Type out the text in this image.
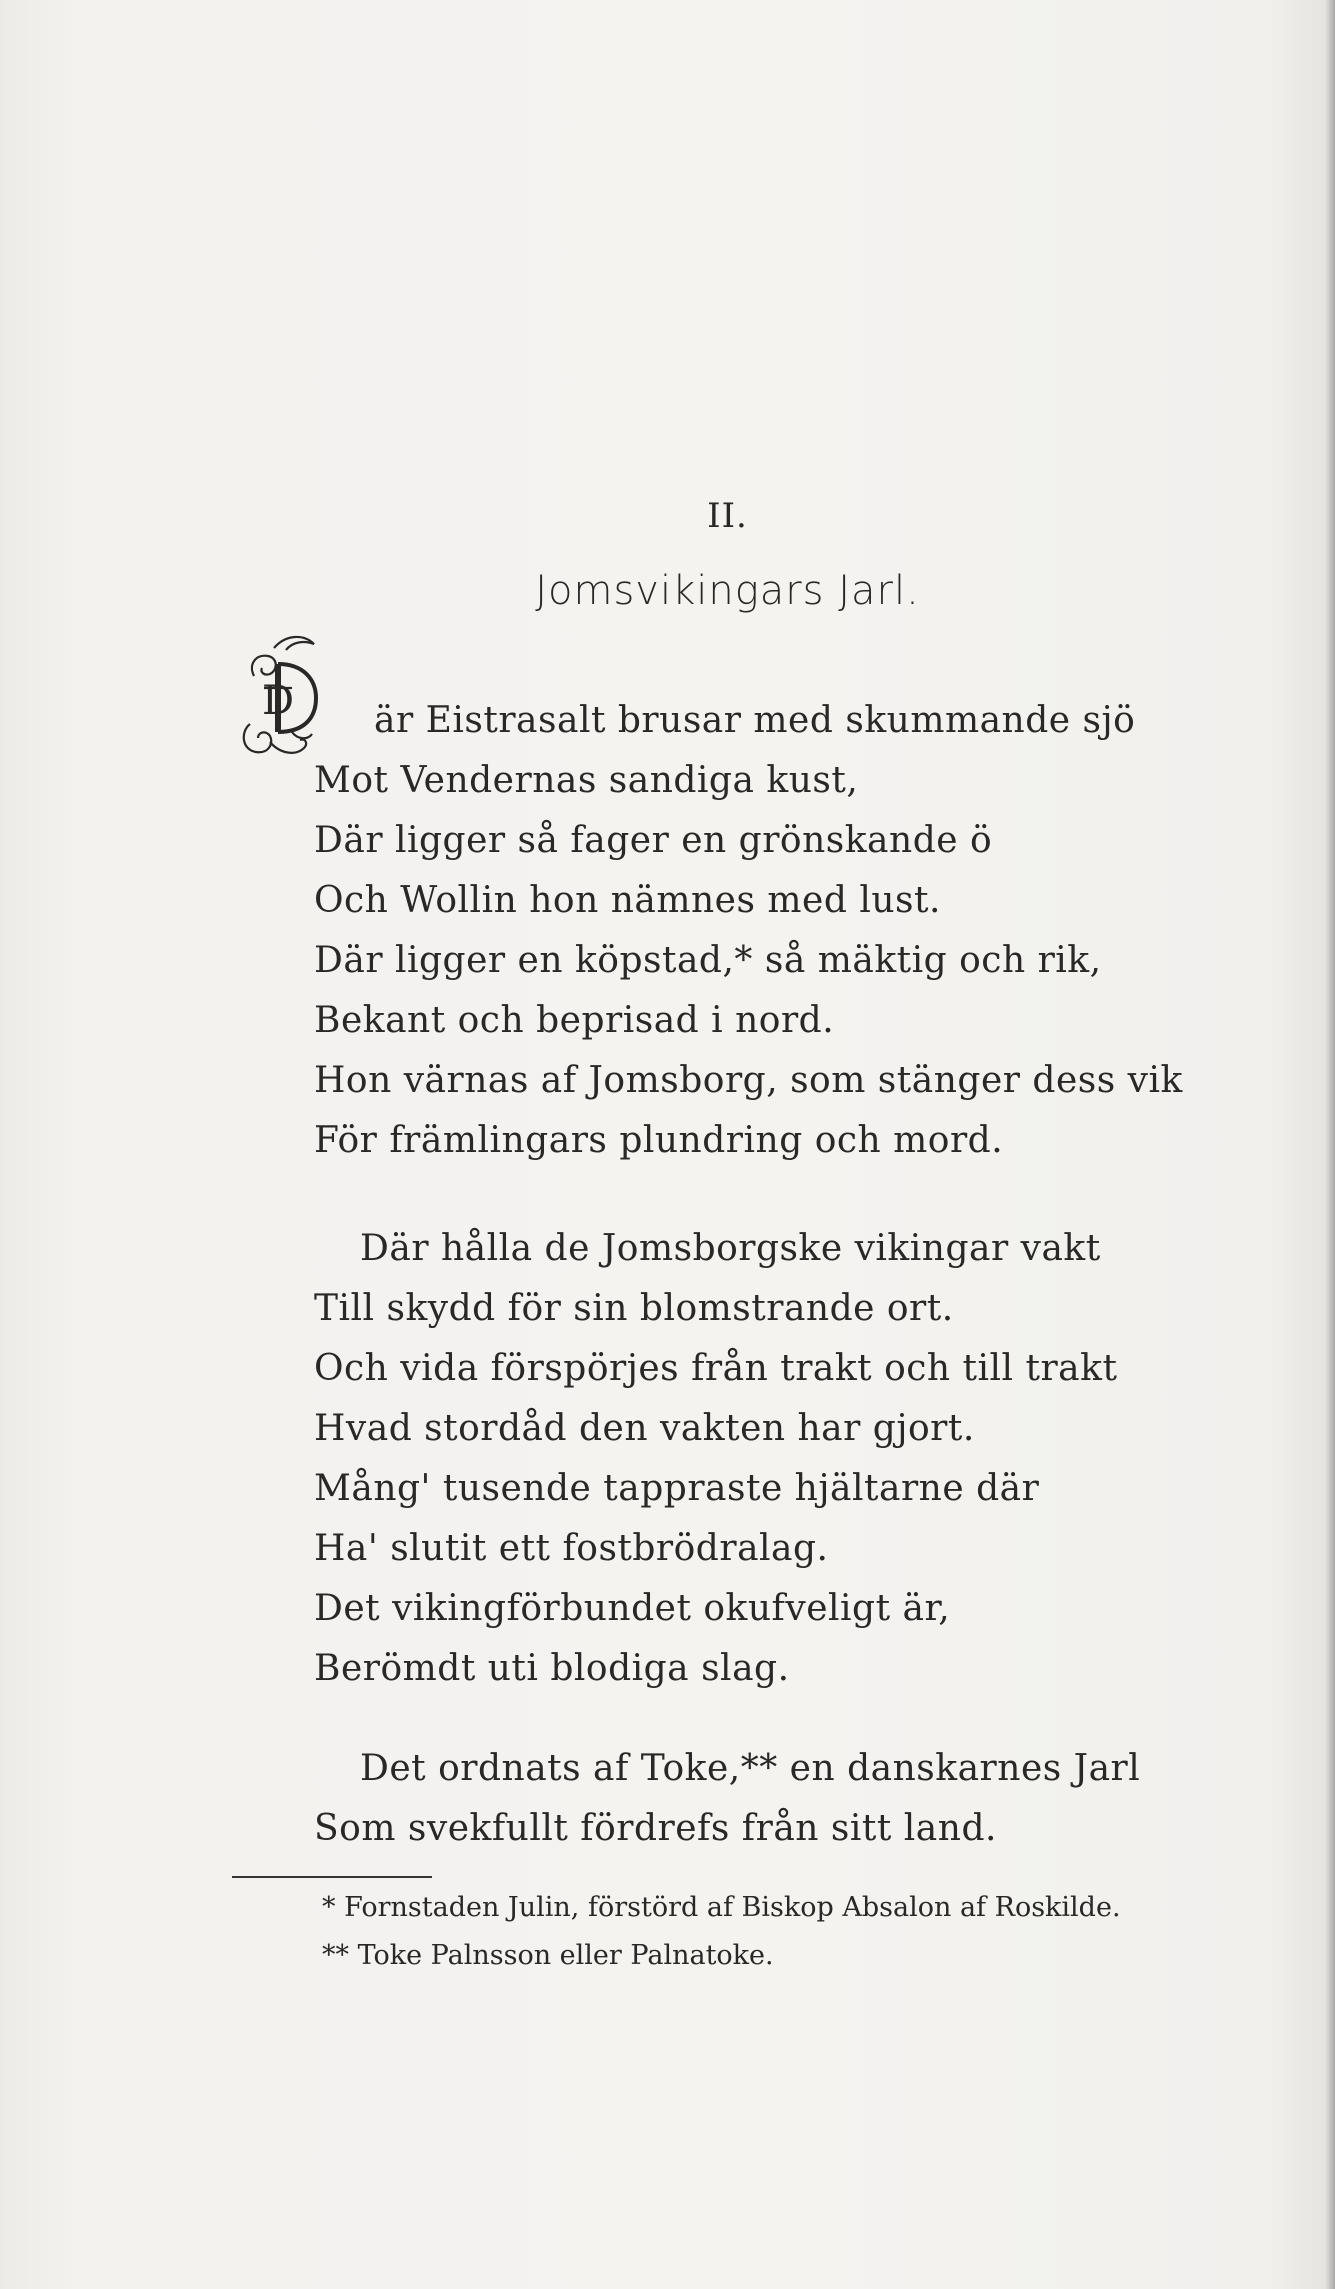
II.
Jomsvikingars Jarl.
D är Eistrasalt brusar med skummande sjö
Mot Vendernas sandiga kust,
Där ligger så fager en grönskande ö
Och Wollin hon nämnes med lust.
Där ligger en köpstad,* så mäktig och rik,
Bekant och beprisad i nord.
Hon värnas af Jomsborg, som stänger dess vik
För främlingars plundring och mord.
Där hålla de Jomsborgske vikingar vakt
Till skydd för sin blomstrande ort.
Och vida förspörjes från trakt och till trakt
Hvad stordåd den vakten har gjort.
Mång' tusende tappraste hjältarne där
Ha' slutit ett fostbrödralag.
Det vikingförbundet okufveligt är,
Berömdt uti blodiga slag.
Det ordnats af Toke,** en danskarnes Jarl
Som svekfullt fördrefs från sitt land.
* Fornstaden Julin, förstörd af Biskop Absalon af Roskilde.
** Toke Palnsson eller Palnatoke.
